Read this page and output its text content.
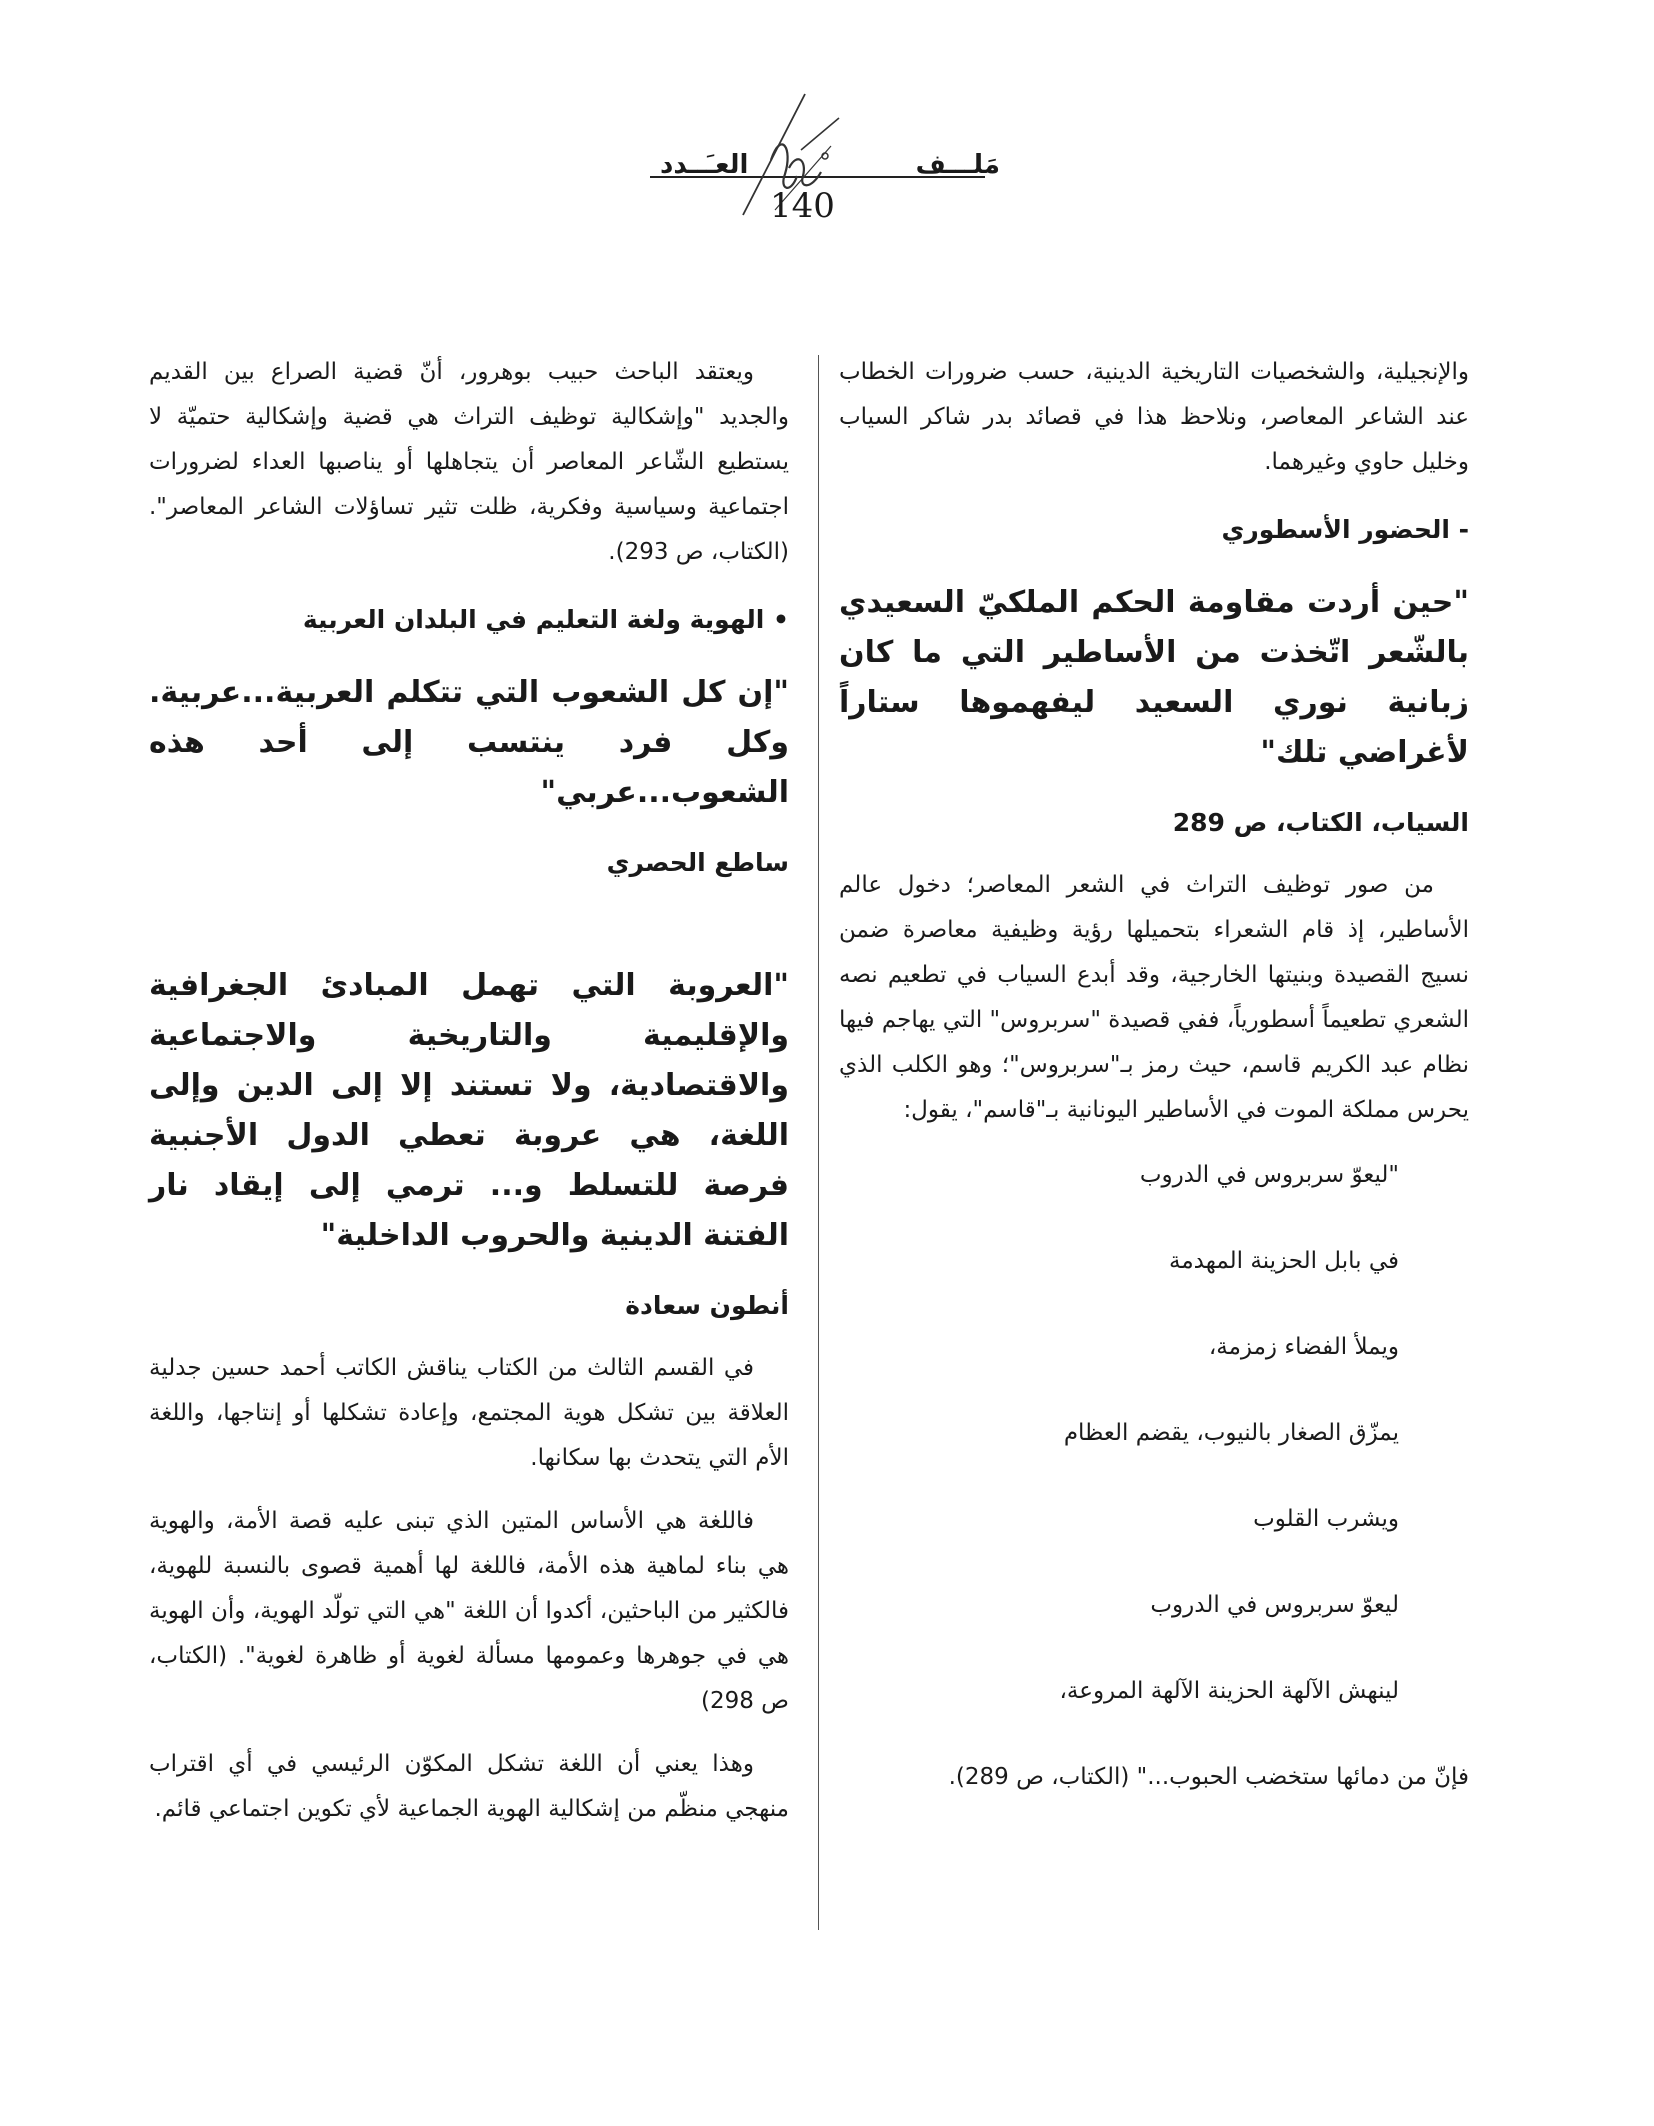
مَلـــف
العـَــدد
140

والإنجيلية، والشخصيات التاريخية الدينية، حسب ضرورات الخطاب عند الشاعر المعاصر، ونلاحظ هذا في قصائد بدر شاكر السياب وخليل حاوي وغيرهما.

- الحضور الأسطوري

"حين أردت مقاومة الحكم الملكيّ السعيدي بالشّعر اتّخذت من الأساطير التي ما كان زبانية نوري السعيد ليفهموها ستاراً لأغراضي تلك"

السياب، الكتاب، ص 289

من صور توظيف التراث في الشعر المعاصر؛ دخول عالم الأساطير، إذ قام الشعراء بتحميلها رؤية وظيفية معاصرة ضمن نسيج القصيدة وبنيتها الخارجية، وقد أبدع السياب في تطعيم نصه الشعري تطعيماً أسطورياً، ففي قصيدة "سربروس" التي يهاجم فيها نظام عبد الكريم قاسم، حيث رمز بـ"سربروس"؛ وهو الكلب الذي يحرس مملكة الموت في الأساطير اليونانية بـ"قاسم"، يقول:

"ليعوّ سربروس في الدروب

في بابل الحزينة المهدمة

ويملأ الفضاء زمزمة،

يمزّق الصغار بالنيوب، يقضم العظام

ويشرب القلوب

ليعوّ سربروس في الدروب

لينهش الآلهة الحزينة الآلهة المروعة،

فإنّ من دمائها ستخضب الحبوب..." (الكتاب، ص 289).

ويعتقد الباحث حبيب بوهرور، أنّ قضية الصراع بين القديم والجديد "وإشكالية توظيف التراث هي قضية وإشكالية حتميّة لا يستطيع الشّاعر المعاصر أن يتجاهلها أو يناصبها العداء لضرورات اجتماعية وسياسية وفكرية، ظلت تثير تساؤلات الشاعر المعاصر". (الكتاب، ص 293).

• الهوية ولغة التعليم في البلدان العربية

"إن كل الشعوب التي تتكلم العربية...عربية. وكل فرد ينتسب إلى أحد هذه الشعوب...عربي"

ساطع الحصري

"العروبة التي تهمل المبادئ الجغرافية والإقليمية والتاريخية والاجتماعية والاقتصادية، ولا تستند إلا إلى الدين وإلى اللغة، هي عروبة تعطي الدول الأجنبية فرصة للتسلط و... ترمي إلى إيقاد نار الفتنة الدينية والحروب الداخلية"

أنطون سعادة

في القسم الثالث من الكتاب يناقش الكاتب أحمد حسين جدلية العلاقة بين تشكل هوية المجتمع، وإعادة تشكلها أو إنتاجها، واللغة الأم التي يتحدث بها سكانها.

فاللغة هي الأساس المتين الذي تبنى عليه قصة الأمة، والهوية هي بناء لماهية هذه الأمة، فاللغة لها أهمية قصوى بالنسبة للهوية، فالكثير من الباحثين، أكدوا أن اللغة "هي التي تولّد الهوية، وأن الهوية هي في جوهرها وعمومها مسألة لغوية أو ظاهرة لغوية". (الكتاب، ص 298)

وهذا يعني أن اللغة تشكل المكوّن الرئيسي في أي اقتراب منهجي منظّم من إشكالية الهوية الجماعية لأي تكوين اجتماعي قائم.
